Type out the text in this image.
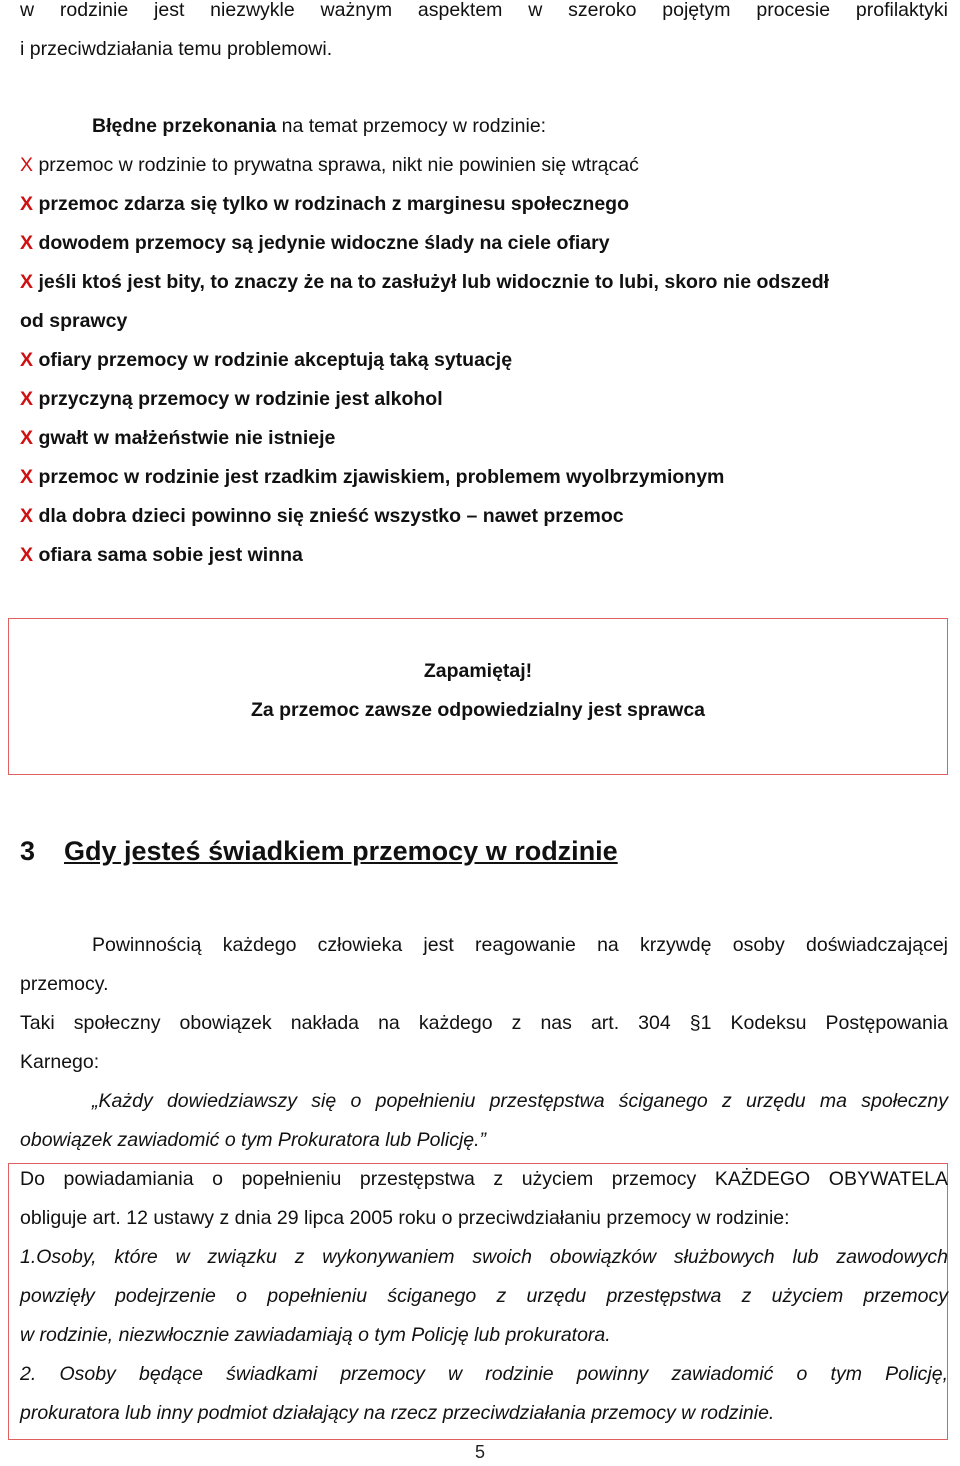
w rodzinie jest niezwykle ważnym aspektem w szeroko pojętym procesie profilaktyki
i przeciwdziałania temu problemowi.
Błędne przekonania na temat przemocy w rodzinie:
X przemoc w rodzinie to prywatna sprawa, nikt nie powinien się wtrącać
X przemoc zdarza się tylko w rodzinach z marginesu społecznego
X dowodem przemocy są jedynie widoczne ślady na ciele ofiary
X jeśli ktoś jest bity, to znaczy że na to zasłużył lub widocznie to lubi, skoro nie odszedł
od sprawcy
X ofiary przemocy w rodzinie akceptują taką sytuację
X przyczyną przemocy w rodzinie jest alkohol
X gwałt w małżeństwie nie istnieje
X przemoc w rodzinie jest rzadkim zjawiskiem, problemem wyolbrzymionym
X dla dobra dzieci powinno się znieść wszystko – nawet przemoc
X ofiara sama sobie jest winna
Zapamiętaj!
Za przemoc zawsze odpowiedzialny jest sprawca
3 Gdy jesteś świadkiem przemocy w rodzinie
Powinnością każdego człowieka jest reagowanie na krzywdę osoby doświadczającej
przemocy.
Taki społeczny obowiązek nakłada na każdego z nas art. 304 §1 Kodeksu Postępowania
Karnego:
„Każdy dowiedziawszy się o popełnieniu przestępstwa ściganego z urzędu ma społeczny
obowiązek zawiadomić o tym Prokuratora lub Policję.”
Do powiadamiania o popełnieniu przestępstwa z użyciem przemocy KAŻDEGO OBYWATELA
obliguje art. 12 ustawy z dnia 29 lipca 2005 roku o przeciwdziałaniu przemocy w rodzinie:
1.Osoby, które w związku z wykonywaniem swoich obowiązków służbowych lub zawodowych
powzięły podejrzenie o popełnieniu ściganego z urzędu przestępstwa z użyciem przemocy
w rodzinie, niezwłocznie zawiadamiają o tym Policję lub prokuratora.
2. Osoby będące świadkami przemocy w rodzinie powinny zawiadomić o tym Policję,
prokuratora lub inny podmiot działający na rzecz przeciwdziałania przemocy w rodzinie.
5
